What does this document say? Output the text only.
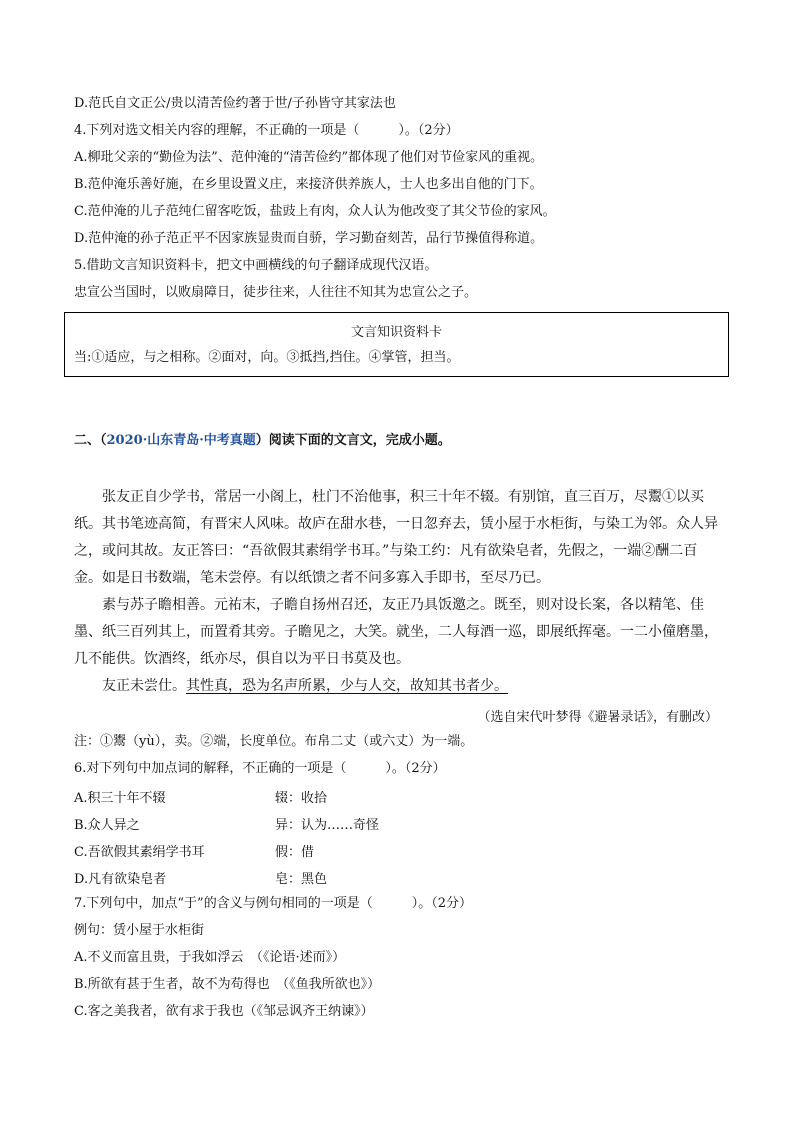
D.范氏自文正公/贵以清苦俭约著于世/子孙皆守其家法也
4.下列对选文相关内容的理解，不正确的一项是（　　　）。（2分）
A.柳玭父亲的“勤俭为法”、范仲淹的“清苦俭约”都体现了他们对节俭家风的重视。
B.范仲淹乐善好施，在乡里设置义庄，来接济供养族人，士人也多出自他的门下。
C.范仲淹的儿子范纯仁留客吃饭，盐豉上有肉，众人认为他改变了其父节俭的家风。
D.范仲淹的孙子范正平不因家族显贵而自骄，学习勤奋刻苦，品行节操值得称道。
5.借助文言知识资料卡，把文中画横线的句子翻译成现代汉语。
忠宣公当国时，以败扇障日，徒步往来，人往往不知其为忠宣公之子。
文言知识资料卡
当:①适应，与之相称。②面对，向。③抵挡,挡住。④掌管，担当。
二、（2020·山东青岛·中考真题）阅读下面的文言文，完成小题。
张友正自少学书，常居一小阁上，杜门不治他事，积三十年不辍。有别馆，直三百万，尽鬻①以买纸。其书笔迹高简，有晋宋人风味。故庐在甜水巷，一日忽弃去，赁小屋于水柜街，与染工为邻。众人异之，或问其故。友正答曰：“吾欲假其素绢学书耳。”与染工约：凡有欲染皂者，先假之，一端②酬二百金。如是日书数端，笔未尝停。有以纸馈之者不问多寡入手即书，至尽乃已。
素与苏子瞻相善。元祐末，子瞻自扬州召还，友正乃具饭邀之。既至，则对设长案，各以精笔、佳墨、纸三百列其上，而置肴其旁。子瞻见之，大笑。就坐，二人每酒一巡，即展纸挥毫。一二小僮磨墨，几不能供。饮酒终，纸亦尽，俱自以为平日书莫及也。
友正未尝仕。其性真，恐为名声所累，少与人交，故知其书者少。
（选自宋代叶梦得《避暑录话》，有删改）
注：①鬻（yù），卖。②端，长度单位。布帛二丈（或六丈）为一端。
6.对下列句中加点词的解释，不正确的一项是（　　　）。（2分）
A.积三十年不辍	辍：收拾
B.众人异之	异：认为……奇怪
C.吾欲假其素绢学书耳	假：借
D.凡有欲染皂者	皂：黑色
7.下列句中，加点“于”的含义与例句相同的一项是（　　　）。（2分）
例句：赁小屋于水柜街
A.不义而富且贵，于我如浮云　（《论语·述而》）
B.所欲有甚于生者，故不为苟得也　（《鱼我所欲也》）
C.客之美我者，欲有求于我也（《邹忌讽齐王纳谏》）
